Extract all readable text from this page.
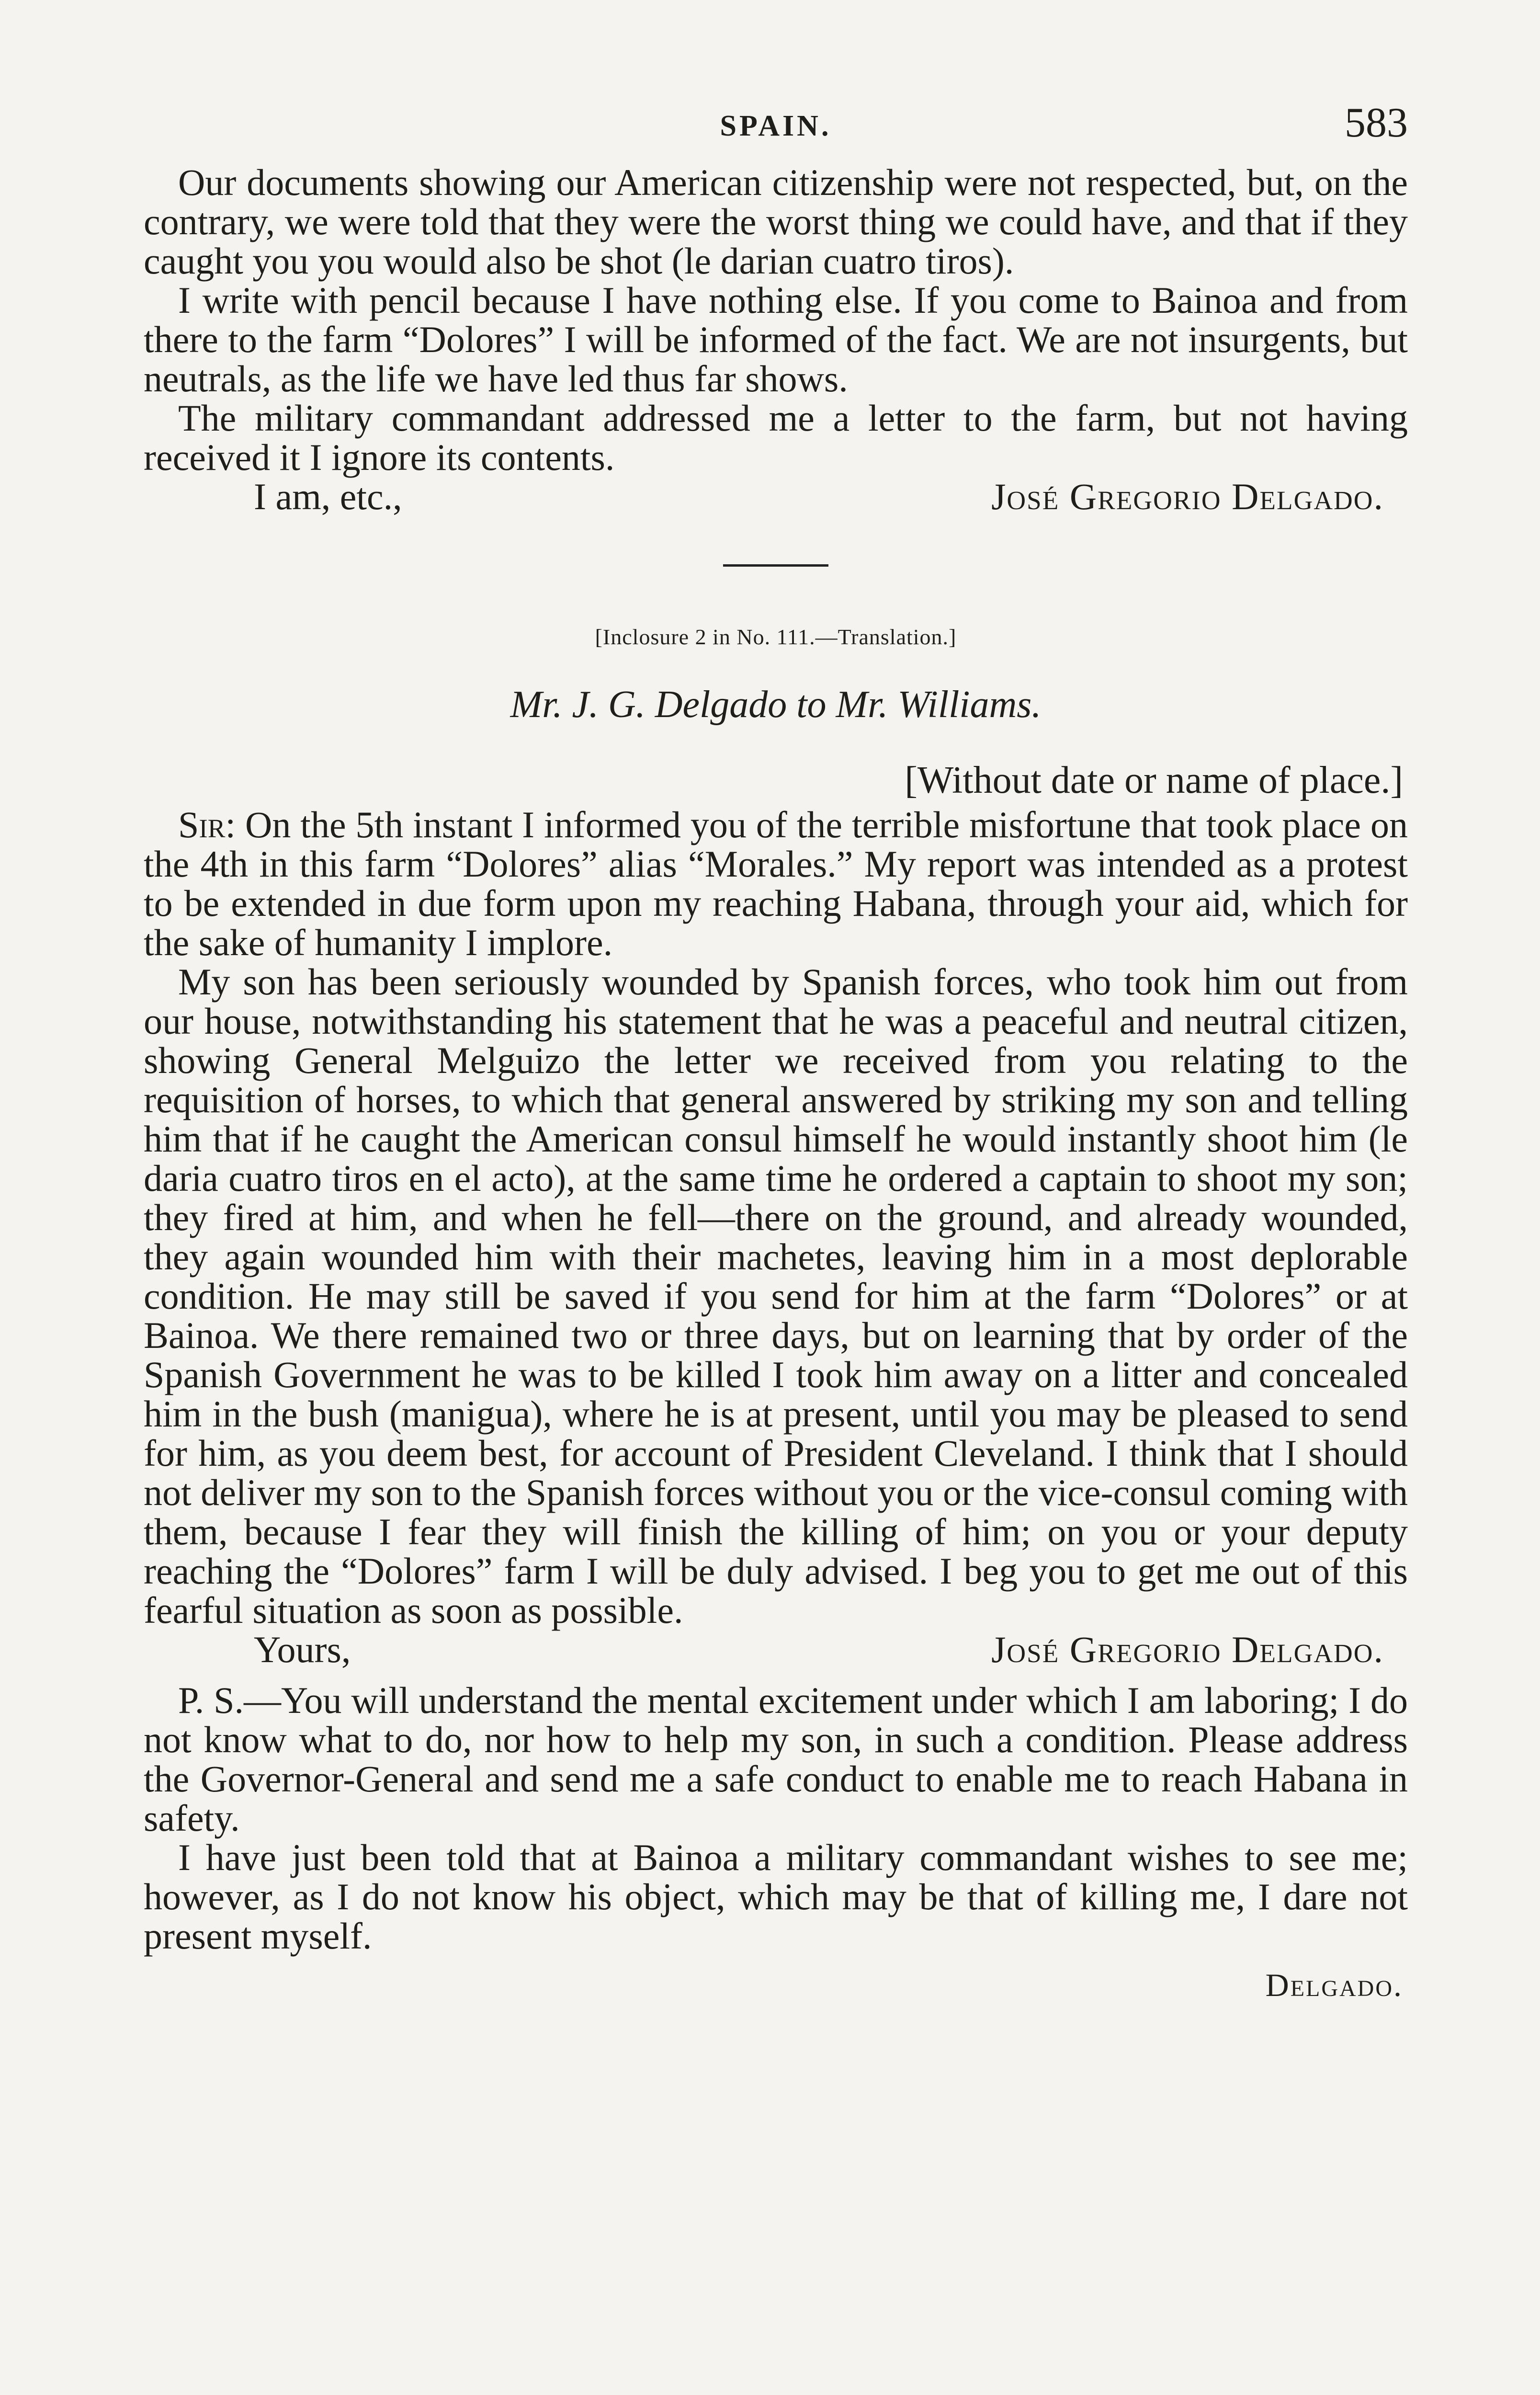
SPAIN.	583

Our documents showing our American citizenship were not respected, but, on the contrary, we were told that they were the worst thing we could have, and that if they caught you you would also be shot (le darian cuatro tiros).

I write with pencil because I have nothing else. If you come to Bainoa and from there to the farm “Dolores” I will be informed of the fact. We are not insurgents, but neutrals, as the life we have led thus far shows.

The military commandant addressed me a letter to the farm, but not having received it I ignore its contents.

I am, etc.,	José Gregorio Delgado.
[Inclosure 2 in No. 111.—Translation.]
Mr. J. G. Delgado to Mr. Williams.
[Without date or name of place.]

Sir: On the 5th instant I informed you of the terrible misfortune that took place on the 4th in this farm “Dolores” alias “Morales.” My report was intended as a protest to be extended in due form upon my reaching Habana, through your aid, which for the sake of humanity I implore.

My son has been seriously wounded by Spanish forces, who took him out from our house, notwithstanding his statement that he was a peaceful and neutral citizen, showing General Melguizo the letter we received from you relating to the requisition of horses, to which that general answered by striking my son and telling him that if he caught the American consul himself he would instantly shoot him (le daria cuatro tiros en el acto), at the same time he ordered a captain to shoot my son; they fired at him, and when he fell—there on the ground, and already wounded, they again wounded him with their machetes, leaving him in a most deplorable condition. He may still be saved if you send for him at the farm “Dolores” or at Bainoa. We there remained two or three days, but on learning that by order of the Spanish Government he was to be killed I took him away on a litter and concealed him in the bush (manigua), where he is at present, until you may be pleased to send for him, as you deem best, for account of President Cleveland. I think that I should not deliver my son to the Spanish forces without you or the vice-consul coming with them, because I fear they will finish the killing of him; on you or your deputy reaching the “Dolores” farm I will be duly advised. I beg you to get me out of this fearful situation as soon as possible.

Yours,	José Gregorio Delgado.

P. S.—You will understand the mental excitement under which I am laboring; I do not know what to do, nor how to help my son, in such a condition. Please address the Governor-General and send me a safe conduct to enable me to reach Habana in safety.

I have just been told that at Bainoa a military commandant wishes to see me; however, as I do not know his object, which may be that of killing me, I dare not present myself.

Delgado.
